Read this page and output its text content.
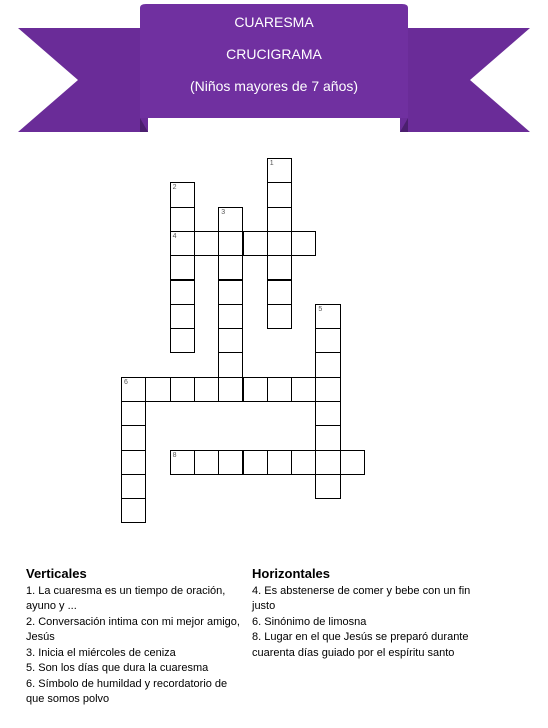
CUARESMA
CRUCIGRAMA
(Niños mayores de 7 años)
1
2
4
3
5
6
8
Verticales

1. La cuaresma es un tiempo de oración, ayuno y ...

2. Conversación intima con mi mejor amigo, Jesús

3. Inicia el miércoles de ceniza

5. Son los días que dura la cuaresma

6. Símbolo de humildad y recordatorio de que somos polvo

Horizontales

4. Es abstenerse de comer y bebe con un fin justo

6. Sinónimo de limosna

8. Lugar en el que Jesús se preparó durante cuarenta días guiado por el espíritu santo
